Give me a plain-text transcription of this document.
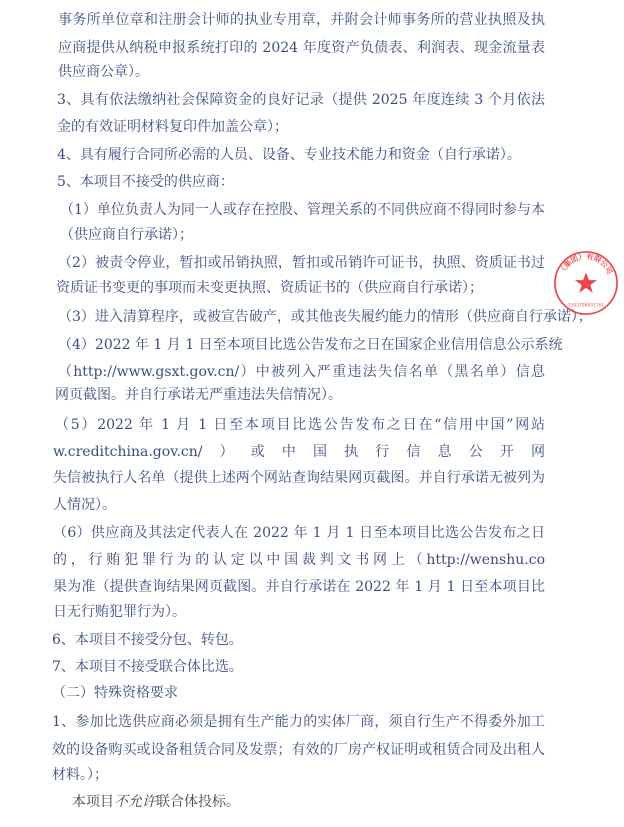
事务所单位章和注册会计师的执业专用章，并附会计师事务所的营业执照及执
应商提供从纳税申报系统打印的 2024 年度资产负债表、利润表、现金流量表
供应商公章）。
3、具有依法缴纳社会保障资金的良好记录（提供 2025 年度连续 3 个月依法
金的有效证明材料复印件加盖公章）；
4、具有履行合同所必需的人员、设备、专业技术能力和资金（自行承诺）。
5、本项目不接受的供应商：
（1）单位负责人为同一人或存在控股、管理关系的不同供应商不得同时参与本
（供应商自行承诺）；
（2）被责令停业，暂扣或吊销执照，暂扣或吊销许可证书，执照、资质证书过
资质证书变更的事项而未变更执照、资质证书的（供应商自行承诺）；
（3）进入清算程序，或被宣告破产，或其他丧失履约能力的情形（供应商自行承诺）；
（4）2022 年 1 月 1 日至本项目比选公告发布之日在国家企业信用信息公示系统
（http://www.gsxt.gov.cn/）中被列入严重违法失信名单（黑名单）信息
网页截图。并自行承诺无严重违法失信情况）。
（5）2022 年 1 月 1 日至本项目比选公告发布之日在“信用中国”网站
w.creditchina.gov.cn/）或中国执行信息公开网
失信被执行人名单（提供上述两个网站查询结果网页截图。并自行承诺无被列为
人情况）。
（6）供应商及其法定代表人在 2022 年 1 月 1 日至本项目比选公告发布之日
的，行贿犯罪行为的认定以中国裁判文书网上（http://wenshu.co
果为准（提供查询结果网页截图。并自行承诺在 2022 年 1 月 1 日至本项目比
日无行贿犯罪行为）。
6、本项目不接受分包、转包。
7、本项目不接受联合体比选。
（二）特殊资格要求
1、参加比选供应商必须是拥有生产能力的实体厂商，须自行生产不得委外加工
效的设备购买或设备租赁合同及发票；有效的厂房产权证明或租赁合同及出租人
材料。）；
本项目不允许联合体投标。
（集团）有限公司
1303798835761
